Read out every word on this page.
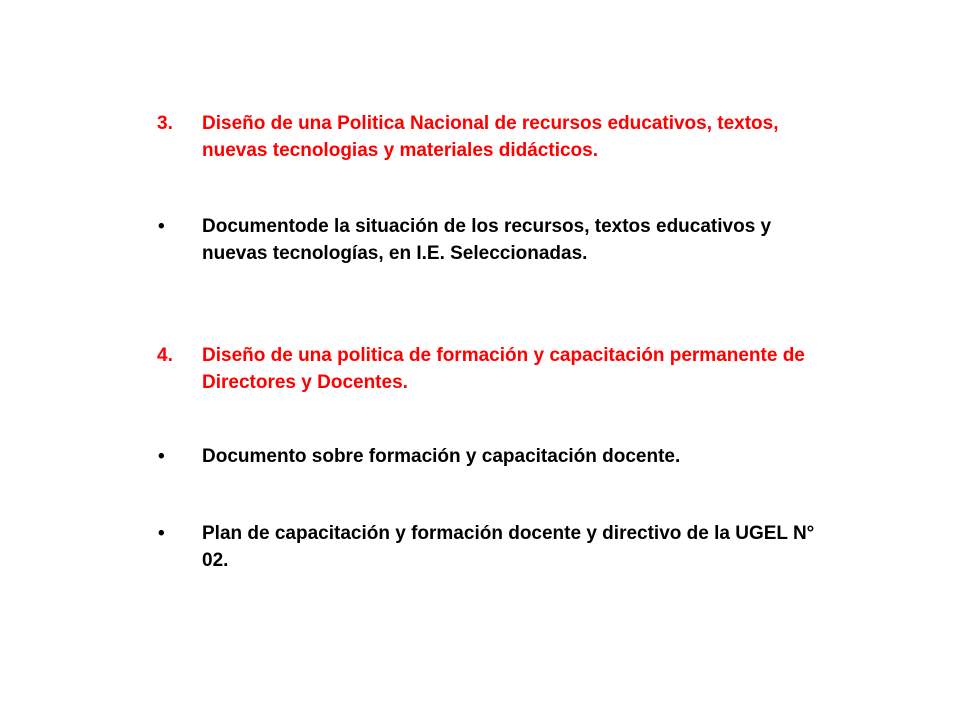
3.	Diseño de una Politica Nacional de recursos educativos, textos, nuevas tecnologias y materiales didácticos.
•	Documentode la situación de los recursos, textos educativos y nuevas tecnologías, en I.E. Seleccionadas.
4.	Diseño de una politica de formación y capacitación permanente de Directores y Docentes.
•	Documento sobre formación y capacitación docente.
•	Plan de capacitación y formación docente y directivo de la UGEL N° 02.
